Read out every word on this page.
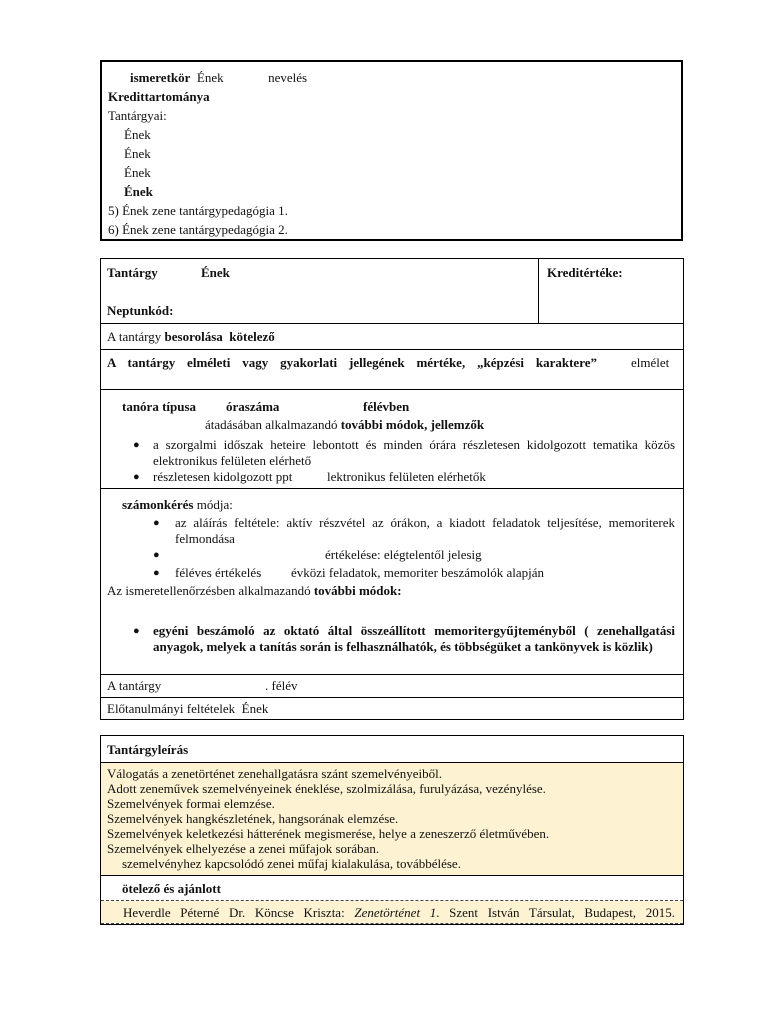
ismeretkör Ének	nevelés
Kredittartománya
Tantárgyai:
Ének
Ének
Ének
Ének
5) Ének zene tantárgypedagógia 1.
6) Ének zene tantárgypedagógia 2.
Tantárgy	Ének
Neptunkód:
Kreditértéke:
A tantárgy besorolása kötelező
A tantárgy elméleti vagy gyakorlati jellegének mértéke, „képzési karaktere”	elmélet
tanóra típusa óraszáma	félévben
átadásában alkalmazandó további módok, jellemzők
● a szorgalmi időszak heteire lebontott és minden órára részletesen kidolgozott tematika közös elektronikus felületen elérhető
● részletesen kidolgozott ppt	lektronikus felületen elérhetők
számonkérés módja:
● az aláírás feltétele: aktív részvétel az órákon, a kiadott feladatok teljesítése, memoriterek felmondása
●	értékelése: elégtelentől jelesig
● féléves értékelés évközi feladatok, memoriter beszámolók alapján
Az ismeretellenőrzésben alkalmazandó további módok:
● egyéni beszámoló az oktató által összeállított memoritergyűjteményből ( zenehallgatási anyagok, melyek a tanítás során is felhasználhatók, és többségüket a tankönyvek is közlik)
A tantárgy	. félév
Előtanulmányi feltételek  Ének
Tantárgyleírás
Válogatás a zenetörténet zenehallgatásra szánt szemelvényeiből.
Adott zeneművek szemelvényeinek éneklése, szolmizálása, furulyázása, vezénylése.
Szemelvények formai elemzése.
Szemelvények hangkészletének, hangsorának elemzése.
Szemelvények keletkezési hátterének megismerése, helye a zeneszerző életművében.
Szemelvények elhelyezése a zenei műfajok sorában.
szemelvényhez kapcsolódó zenei műfaj kialakulása, továbbélése.
ötelező és ajánlott
Heverdle Péterné Dr. Köncse Kriszta: Zenetörténet 1. Szent István Társulat, Budapest, 2015.
